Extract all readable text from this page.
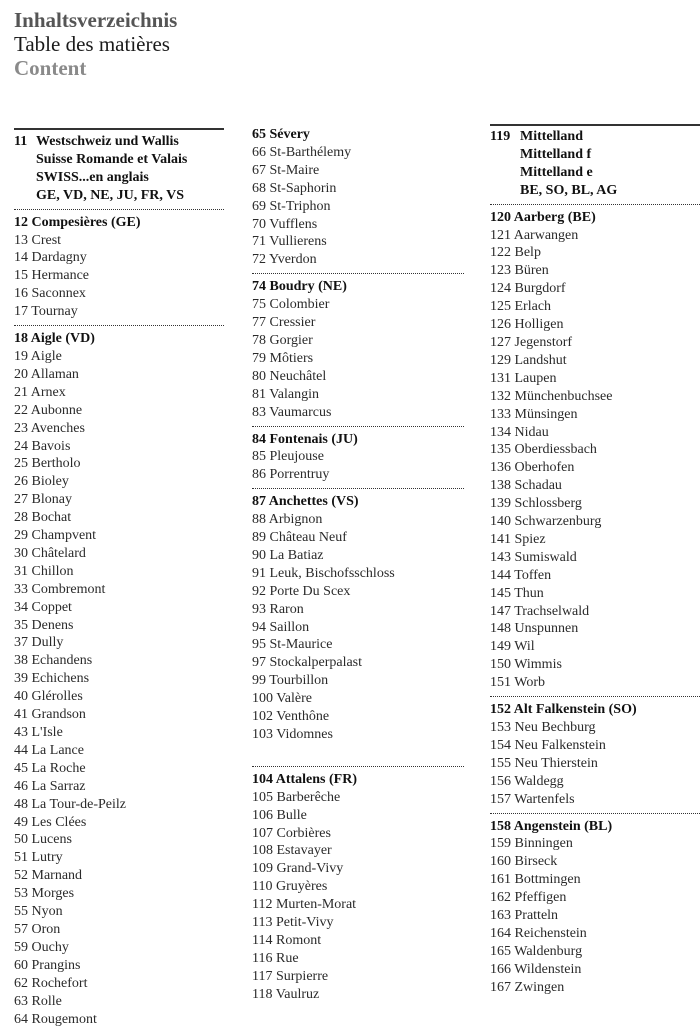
Inhaltsverzeichnis
Table des matières
Content
11 Westschweiz und Wallis
Suisse Romande et Valais
SWISS...en anglais
GE, VD, NE, JU, FR, VS
12 Compesières (GE)
13 Crest
14 Dardagny
15 Hermance
16 Saconnex
17 Tournay
18 Aigle (VD)
19 Aigle
20 Allaman
21 Arnex
22 Aubonne
23 Avenches
24 Bavois
25 Bertholo
26 Bioley
27 Blonay
28 Bochat
29 Champvent
30 Châtelard
31 Chillon
33 Combremont
34 Coppet
35 Denens
37 Dully
38 Echandens
39 Echichens
40 Glérolles
41 Grandson
43 L'Isle
44 La Lance
45 La Roche
46 La Sarraz
48 La Tour-de-Peilz
49 Les Clées
50 Lucens
51 Lutry
52 Marnand
53 Morges
55 Nyon
57 Oron
59 Ouchy
60 Prangins
62 Rochefort
63 Rolle
64 Rougemont
65 Sévery
66 St-Barthélemy
67 St-Maire
68 St-Saphorin
69 St-Triphon
70 Vufflens
71 Vullierens
72 Yverdon
74 Boudry (NE)
75 Colombier
77 Cressier
78 Gorgier
79 Môtiers
80 Neuchâtel
81 Valangin
83 Vaumarcus
84 Fontenais (JU)
85 Pleujouse
86 Porrentruy
87 Anchettes (VS)
88 Arbignon
89 Château Neuf
90 La Batiaz
91 Leuk, Bischofsschloss
92 Porte Du Scex
93 Raron
94 Saillon
95 St-Maurice
97 Stockalperpalast
99 Tourbillon
100 Valère
102 Venthône
103 Vidomnes
104 Attalens (FR)
105 Barberêche
106 Bulle
107 Corbières
108 Estavayer
109 Grand-Vivy
110 Gruyères
112 Murten-Morat
113 Petit-Vivy
114 Romont
116 Rue
117 Surpierre
118 Vaulruz
119 Mittelland
Mittelland f
Mittelland e
BE, SO, BL, AG
120 Aarberg (BE)
121 Aarwangen
122 Belp
123 Büren
124 Burgdorf
125 Erlach
126 Holligen
127 Jegenstorf
129 Landshut
131 Laupen
132 Münchenbuchsee
133 Münsingen
134 Nidau
135 Oberdiessbach
136 Oberhofen
138 Schadau
139 Schlossberg
140 Schwarzenburg
141 Spiez
143 Sumiswald
144 Toffen
145 Thun
147 Trachselwald
148 Unspunnen
149 Wil
150 Wimmis
151 Worb
152 Alt Falkenstein (SO)
153 Neu Bechburg
154 Neu Falkenstein
155 Neu Thierstein
156 Waldegg
157 Wartenfels
158 Angenstein (BL)
159 Binningen
160 Birseck
161 Bottmingen
162 Pfeffigen
163 Pratteln
164 Reichenstein
165 Waldenburg
166 Wildenstein
167 Zwingen
